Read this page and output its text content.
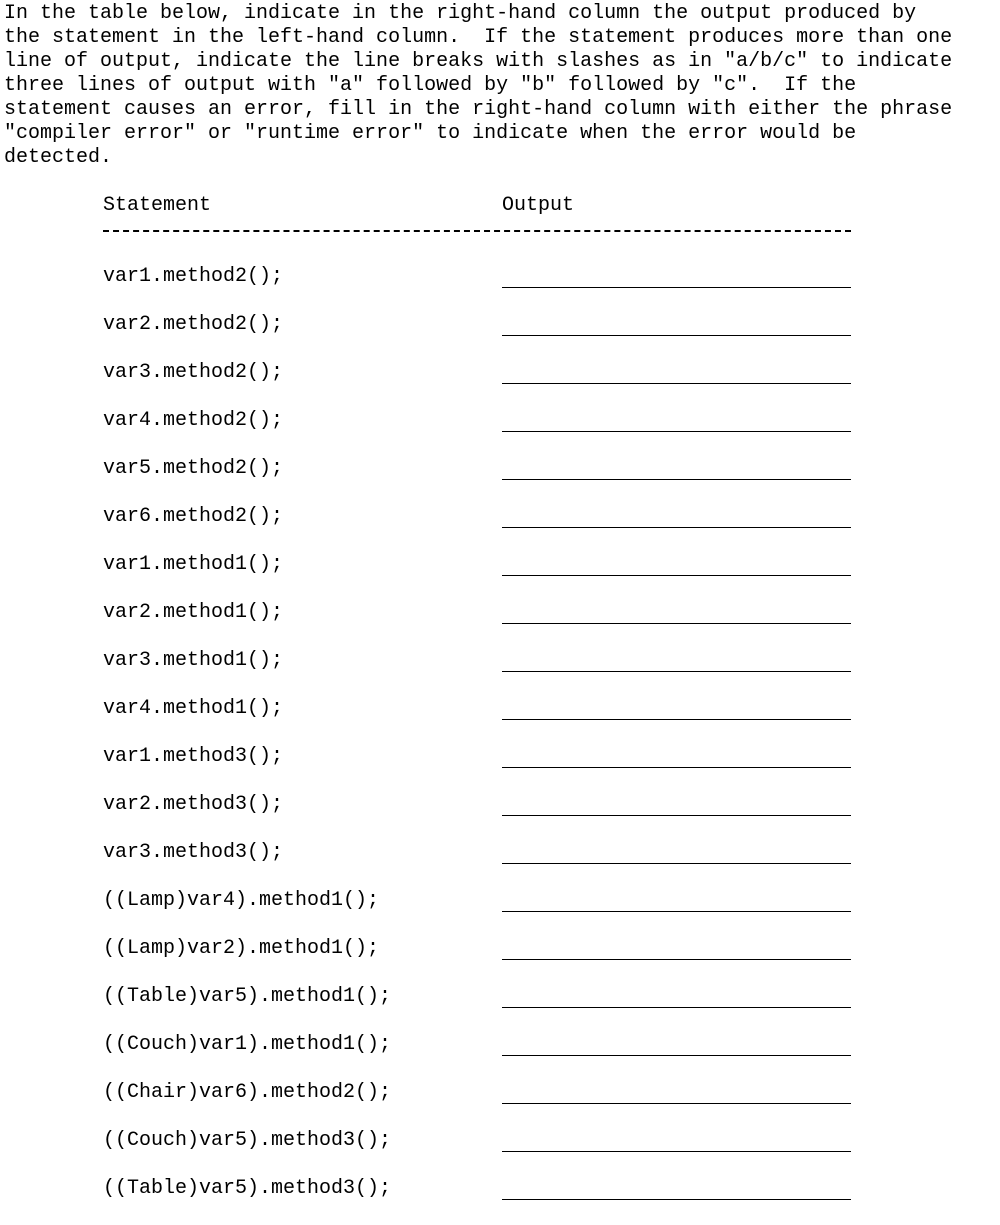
In the table below, indicate in the right-hand column the output produced by
the statement in the left-hand column.  If the statement produces more than one
line of output, indicate the line breaks with slashes as in "a/b/c" to indicate
three lines of output with "a" followed by "b" followed by "c".  If the
statement causes an error, fill in the right-hand column with either the phrase
"compiler error" or "runtime error" to indicate when the error would be
detected.

Statement	Output
var1.method2();
var2.method2();
var3.method2();
var4.method2();
var5.method2();
var6.method2();
var1.method1();
var2.method1();
var3.method1();
var4.method1();
var1.method3();
var2.method3();
var3.method3();
((Lamp)var4).method1();
((Lamp)var2).method1();
((Table)var5).method1();
((Couch)var1).method1();
((Chair)var6).method2();
((Couch)var5).method3();
((Table)var5).method3();
